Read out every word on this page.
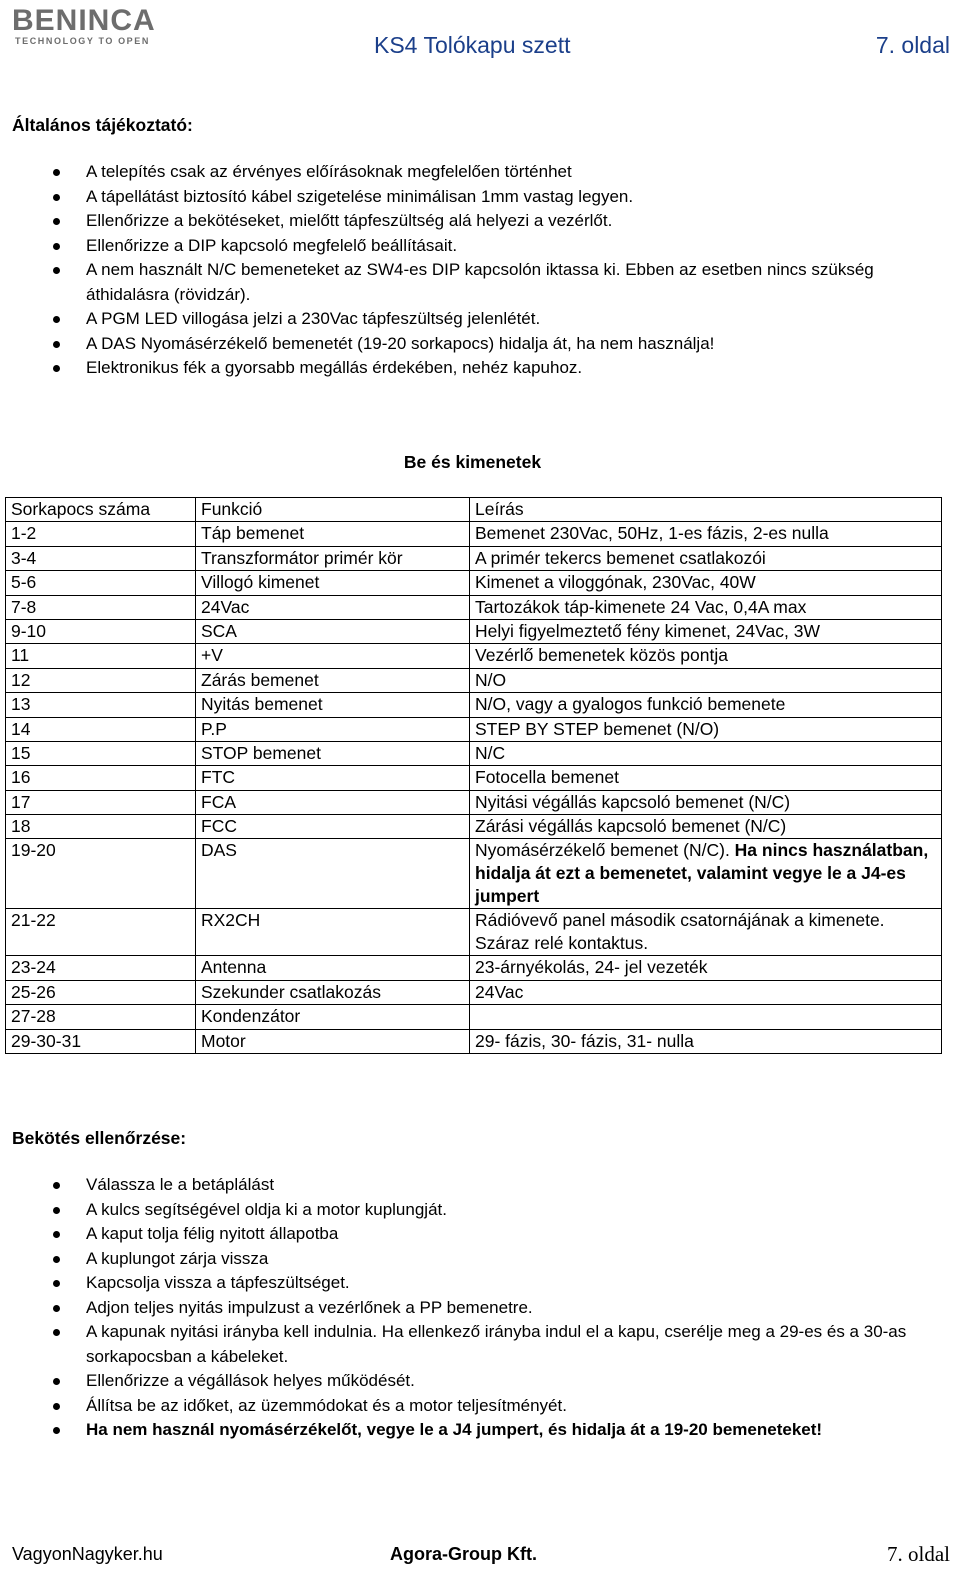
BENINCA
TECHNOLOGY TO OPEN	KS4 Tolókapu szett	7. oldal
Általános tájékoztató:
A telepítés csak az érvényes előírásoknak megfelelően történhet
A tápellátást biztosító kábel szigetelése minimálisan 1mm vastag legyen.
Ellenőrizze a bekötéseket, mielőtt tápfeszültség alá helyezi a vezérlőt.
Ellenőrizze a DIP kapcsoló megfelelő beállításait.
A nem használt N/C bemeneteket az SW4-es DIP kapcsolón iktassa ki. Ebben az esetben nincs szükség áthidalásra (rövidzár).
A PGM LED villogása jelzi a 230Vac tápfeszültség jelenlétét.
A DAS Nyomásérzékelő bemenetét (19-20 sorkapocs) hidalja át, ha nem használja!
Elektronikus fék a gyorsabb megállás érdekében, nehéz kapuhoz.
Be és kimenetek
Sorkapocs száma	Funkció	Leírás
1-2	Táp bemenet	Bemenet 230Vac, 50Hz, 1-es fázis, 2-es nulla
3-4	Transzformátor primér kör	A primér tekercs bemenet csatlakozói
5-6	Villogó kimenet	Kimenet a viloggónak, 230Vac, 40W
7-8	24Vac	Tartozákok táp-kimenete 24 Vac, 0,4A max
9-10	SCA	Helyi figyelmeztető fény kimenet, 24Vac, 3W
11	+V	Vezérlő bemenetek közös pontja
12	Zárás bemenet	N/O
13	Nyitás bemenet	N/O, vagy a gyalogos funkció bemenete
14	P.P	STEP BY STEP bemenet (N/O)
15	STOP bemenet	N/C
16	FTC	Fotocella bemenet
17	FCA	Nyitási végállás kapcsoló bemenet (N/C)
18	FCC	Zárási végállás kapcsoló bemenet (N/C)
19-20	DAS	Nyomásérzékelő bemenet (N/C). Ha nincs használatban, hidalja át ezt a bemenetet, valamint vegye le a J4-es jumpert
21-22	RX2CH	Rádióvevő panel második csatornájának a kimenete. Száraz relé kontaktus.
23-24	Antenna	23-árnyékolás, 24- jel vezeték
25-26	Szekunder csatlakozás	24Vac
27-28	Kondenzátor	
29-30-31	Motor	29- fázis, 30- fázis, 31- nulla
Bekötés ellenőrzése:
Válassza le a betáplálást
A kulcs segítségével oldja ki a motor kuplungját.
A kaput tolja félig nyitott állapotba
A kuplungot zárja vissza
Kapcsolja vissza a tápfeszültséget.
Adjon teljes nyitás impulzust a vezérlőnek a PP bemenetre.
A kapunak nyitási irányba kell indulnia. Ha ellenkező irányba indul el a kapu, cserélje meg a 29-es és a 30-as sorkapocsban a kábeleket.
Ellenőrizze a végállások helyes működését.
Állítsa be az időket, az üzemmódokat és a motor teljesítményét.
Ha nem használ nyomásérzékelőt, vegye le a J4 jumpert, és hidalja át a 19-20 bemeneteket!
VagyonNagyker.hu	Agora-Group Kft.	7. oldal
